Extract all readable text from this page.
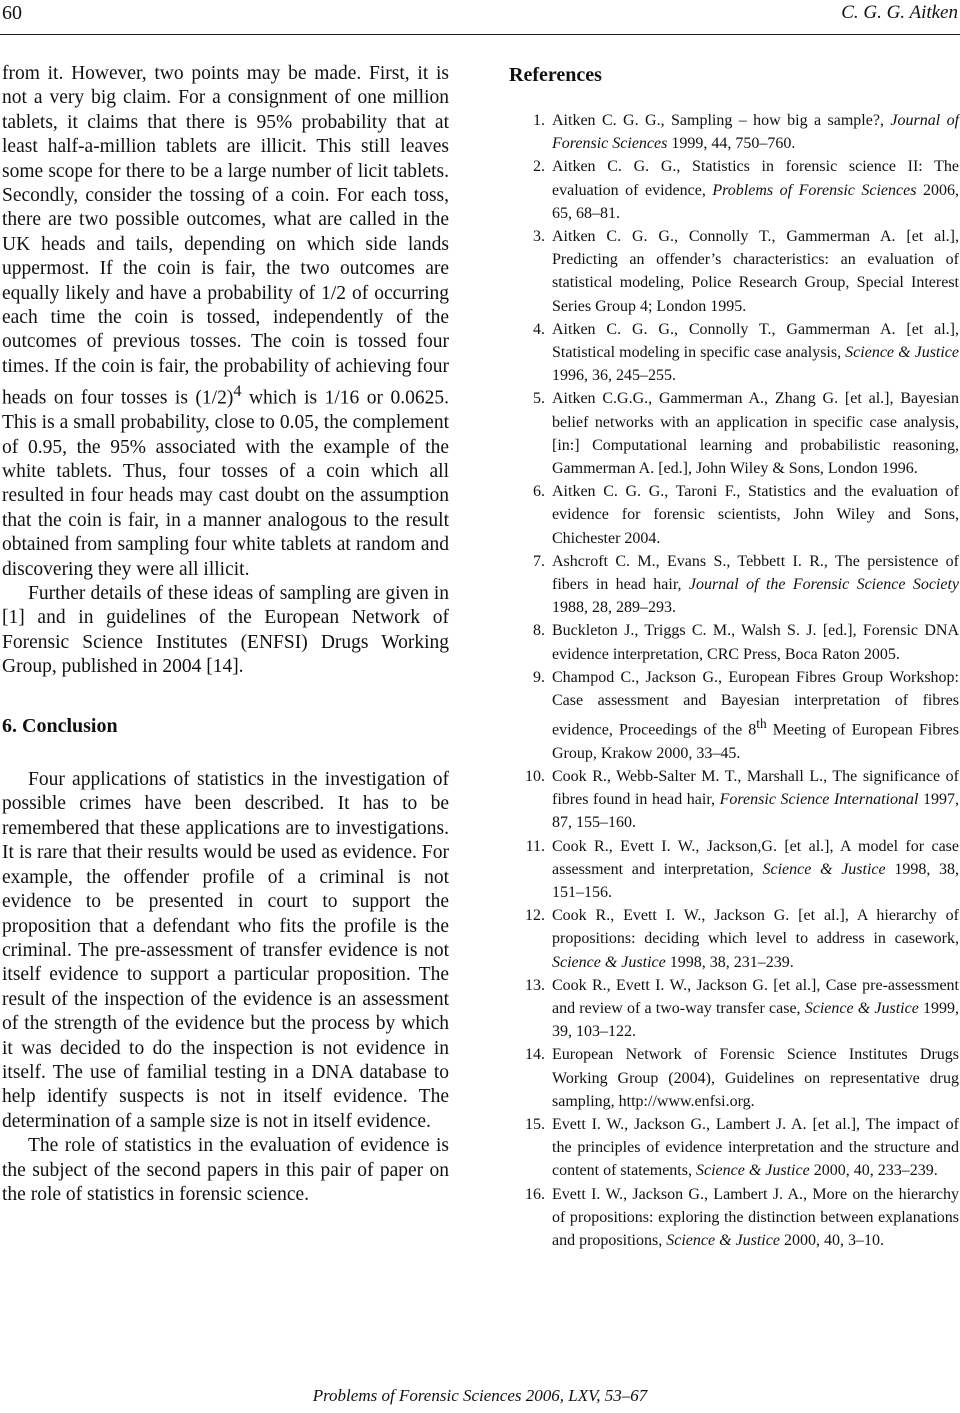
60	C. G. G. Aitken

from it. However, two points may be made. First, it is not a very big claim. For a consignment of one million tablets, it claims that there is 95% probability that at least half-a-million tablets are illicit. This still leaves some scope for there to be a large number of licit tablets. Secondly, consider the tossing of a coin. For each toss, there are two possible outcomes, what are called in the UK heads and tails, depending on which side lands uppermost. If the coin is fair, the two outcomes are equally likely and have a probability of 1/2 of occurring each time the coin is tossed, independently of the outcomes of previous tosses. The coin is tossed four times. If the coin is fair, the probability of achieving four heads on four tosses is $(1/2)^4$ which is 1/16 or 0.0625. This is a small probability, close to 0.05, the complement of 0.95, the 95% associated with the example of the white tablets. Thus, four tosses of a coin which all resulted in four heads may cast doubt on the assumption that the coin is fair, in a manner analogous to the result obtained from sampling four white tablets at random and discovering they were all illicit.

Further details of these ideas of sampling are given in [1] and in guidelines of the European Network of Forensic Science Institutes (ENFSI) Drugs Working Group, published in 2004 [14].

6. Conclusion

Four applications of statistics in the investigation of possible crimes have been described. It has to be remembered that these applications are to investigations. It is rare that their results would be used as evidence. For example, the offender profile of a criminal is not evidence to be presented in court to support the proposition that a defendant who fits the profile is the criminal. The pre-assessment of transfer evidence is not itself evidence to support a particular proposition. The result of the inspection of the evidence is an assessment of the strength of the evidence but the process by which it was decided to do the inspection is not evidence in itself. The use of familial testing in a DNA database to help identify suspects is not in itself evidence. The determination of a sample size is not in itself evidence.

The role of statistics in the evaluation of evidence is the subject of the second papers in this pair of paper on the role of statistics in forensic science.

References
1. Aitken C. G. G., Sampling – how big a sample?, Journal of Forensic Sciences 1999, 44, 750–760.
2. Aitken C. G. G., Statistics in forensic science II: The evaluation of evidence, Problems of Forensic Sciences 2006, 65, 68–81.
3. Aitken C. G. G., Connolly T., Gammerman A. [et al.], Predicting an offender’s characteristics: an evaluation of statistical modeling, Police Research Group, Special Interest Series Group 4; London 1995.
4. Aitken C. G. G., Connolly T., Gammerman A. [et al.], Statistical modeling in specific case analysis, Science & Justice 1996, 36, 245–255.
5. Aitken C.G.G., Gammerman A., Zhang G. [et al.], Bayesian belief networks with an application in specific case analysis, [in:] Computational learning and probabilistic reasoning, Gammerman A. [ed.], John Wiley & Sons, London 1996.
6. Aitken C. G. G., Taroni F., Statistics and the evaluation of evidence for forensic scientists, John Wiley and Sons, Chichester 2004.
7. Ashcroft C. M., Evans S., Tebbett I. R., The persistence of fibers in head hair, Journal of the Forensic Science Society 1988, 28, 289–293.
8. Buckleton J., Triggs C. M., Walsh S. J. [ed.], Forensic DNA evidence interpretation, CRC Press, Boca Raton 2005.
9. Champod C., Jackson G., European Fibres Group Workshop: Case assessment and Bayesian interpretation of fibres evidence, Proceedings of the 8th Meeting of European Fibres Group, Krakow 2000, 33–45.
10. Cook R., Webb-Salter M. T., Marshall L., The significance of fibres found in head hair, Forensic Science International 1997, 87, 155–160.
11. Cook R., Evett I. W., Jackson,G. [et al.], A model for case assessment and interpretation, Science & Justice 1998, 38, 151–156.
12. Cook R., Evett I. W., Jackson G. [et al.], A hierarchy of propositions: deciding which level to address in casework, Science & Justice 1998, 38, 231–239.
13. Cook R., Evett I. W., Jackson G. [et al.], Case pre-assessment and review of a two-way transfer case, Science & Justice 1999, 39, 103–122.
14. European Network of Forensic Science Institutes Drugs Working Group (2004), Guidelines on representative drug sampling, http://www.enfsi.org.
15. Evett I. W., Jackson G., Lambert J. A. [et al.], The impact of the principles of evidence interpretation and the structure and content of statements, Science & Justice 2000, 40, 233–239.
16. Evett I. W., Jackson G., Lambert J. A., More on the hierarchy of propositions: exploring the distinction between explanations and propositions, Science & Justice 2000, 40, 3–10.
Problems of Forensic Sciences 2006, LXV, 53–67
